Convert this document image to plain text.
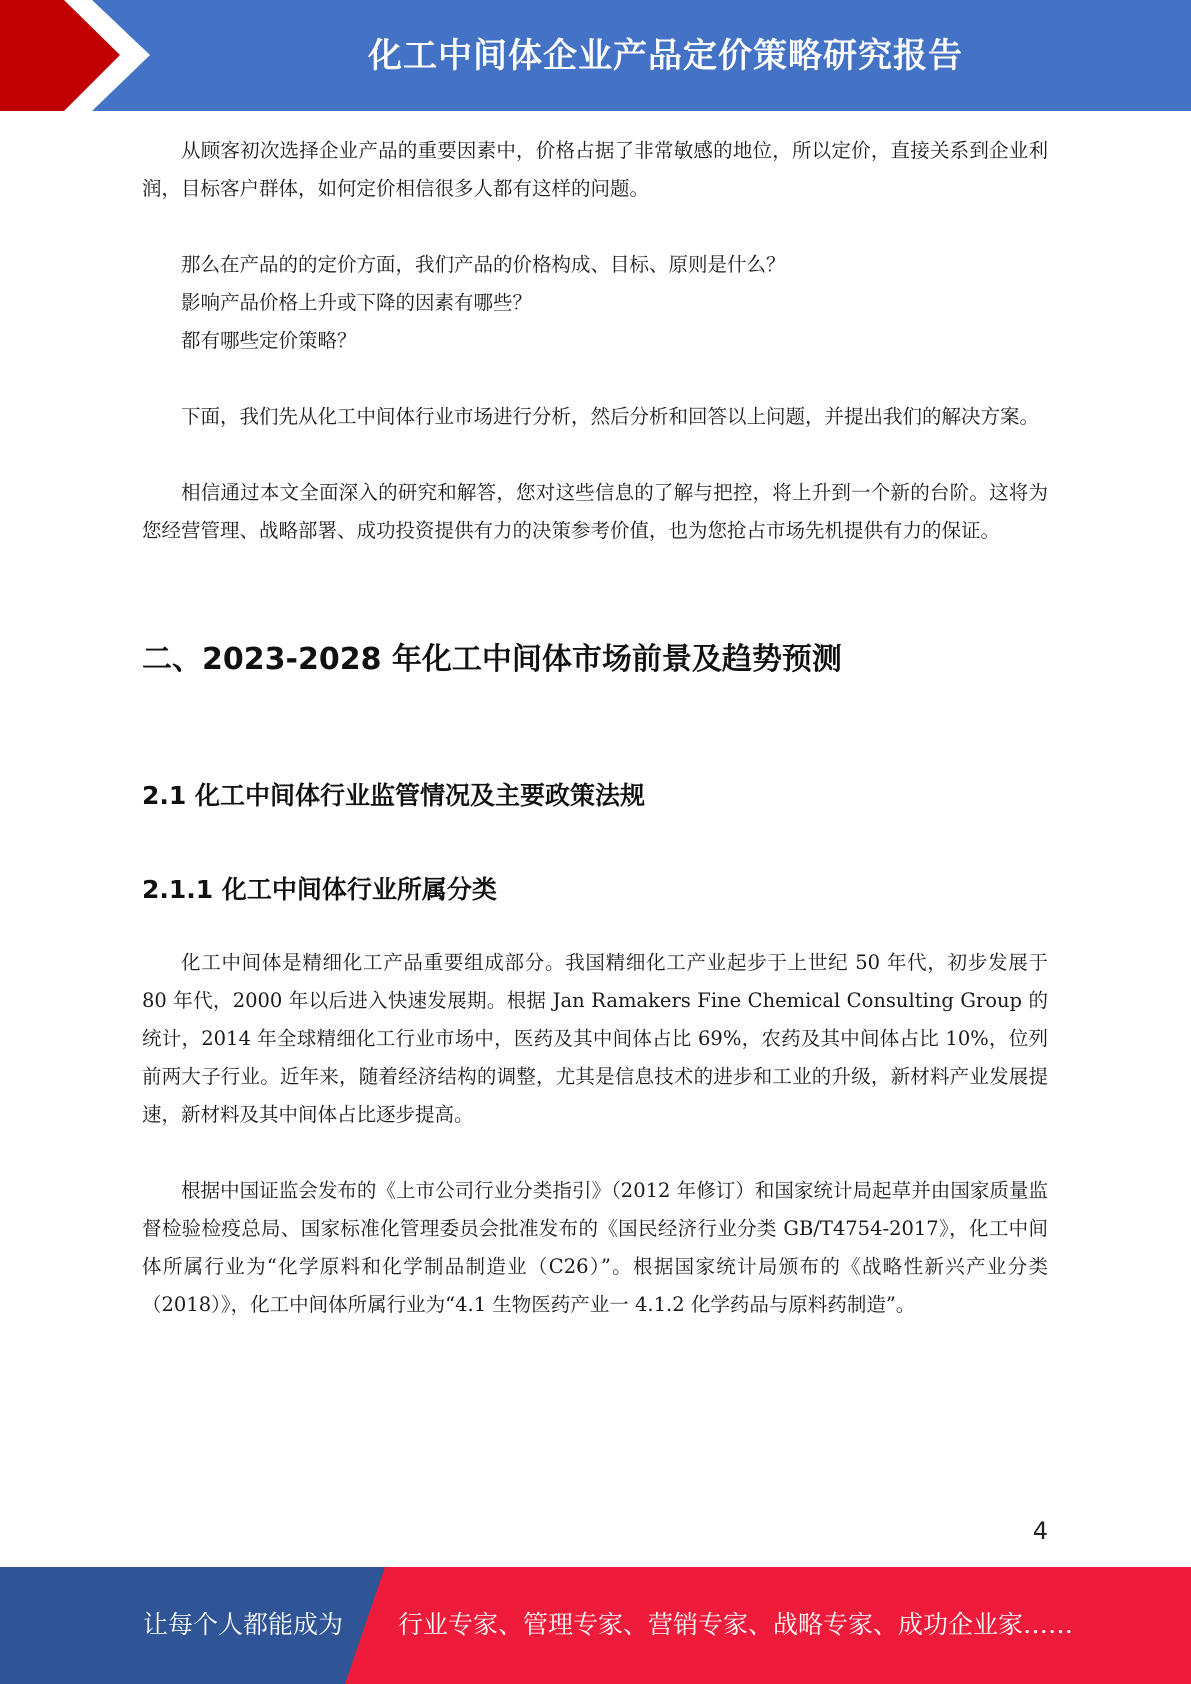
化工中间体企业产品定价策略研究报告

从顾客初次选择企业产品的重要因素中，价格占据了非常敏感的地位，所以定价，直接关系到企业利润，目标客户群体，如何定价相信很多人都有这样的问题。

那么在产品的的定价方面，我们产品的价格构成、目标、原则是什么？

影响产品价格上升或下降的因素有哪些？

都有哪些定价策略？

下面，我们先从化工中间体行业市场进行分析，然后分析和回答以上问题，并提出我们的解决方案。

相信通过本文全面深入的研究和解答，您对这些信息的了解与把控，将上升到一个新的台阶。这将为您经营管理、战略部署、成功投资提供有力的决策参考价值，也为您抢占市场先机提供有力的保证。

二、2023-2028 年化工中间体市场前景及趋势预测
2.1 化工中间体行业监管情况及主要政策法规
2.1.1 化工中间体行业所属分类

化工中间体是精细化工产品重要组成部分。我国精细化工产业起步于上世纪 50 年代，初步发展于 80 年代，2000 年以后进入快速发展期。根据 Jan Ramakers Fine Chemical Consulting Group 的统计，2014 年全球精细化工行业市场中，医药及其中间体占比 69%，农药及其中间体占比 10%，位列前两大子行业。近年来，随着经济结构的调整，尤其是信息技术的进步和工业的升级，新材料产业发展提速，新材料及其中间体占比逐步提高。

根据中国证监会发布的《上市公司行业分类指引》（2012 年修订）和国家统计局起草并由国家质量监督检验检疫总局、国家标准化管理委员会批准发布的《国民经济行业分类 GB/T4754-2017》，化工中间体所属行业为“化学原料和化学制品制造业（C26）”。根据国家统计局颁布的《战略性新兴产业分类（2018）》，化工中间体所属行业为“4.1 生物医药产业一 4.1.2 化学药品与原料药制造”。

4
让每个人都能成为 行业专家、管理专家、营销专家、战略专家、成功企业家……
